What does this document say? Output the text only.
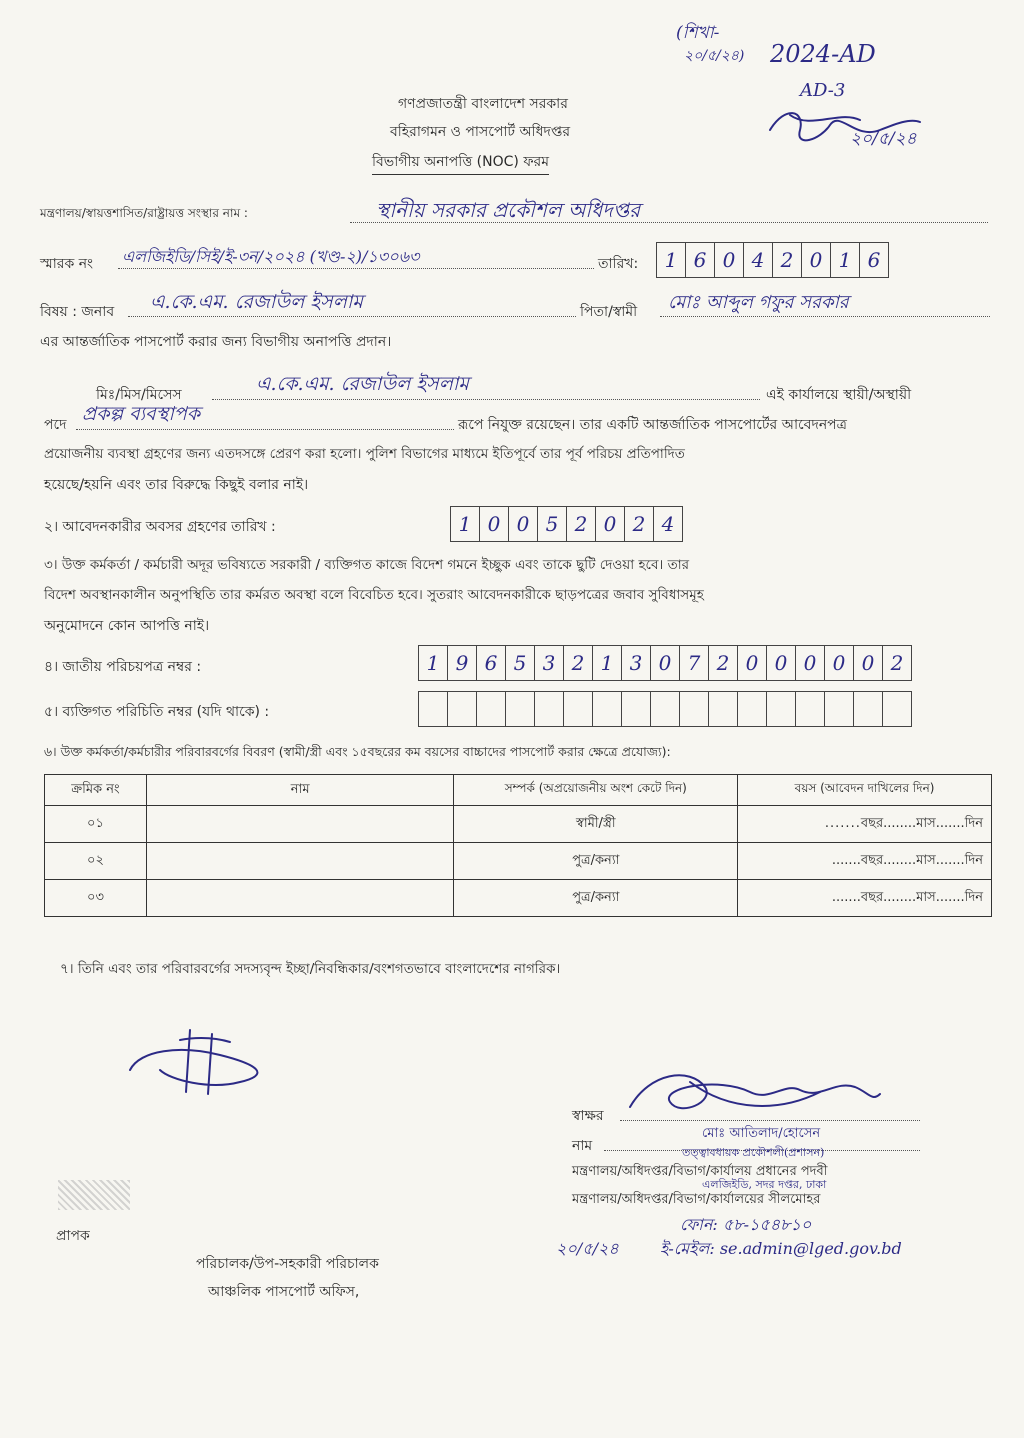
(শিখা-
২০/৫/২৪) 2024-AD
AD-3
২০/৫/২৪
গণপ্রজাতন্ত্রী বাংলাদেশ সরকার
বহিরাগমন ও পাসপোর্ট অধিদপ্তর
বিভাগীয় অনাপত্তি (NOC) ফরম
মন্ত্রণালয়/স্বায়ত্তশাসিত/রাষ্ট্রায়ত্ত সংস্থার নাম :	স্থানীয় সরকার প্রকৌশল অধিদপ্তর
স্মারক নং এলজিইডি/সিই/ই-৩ন/২০২৪ (খণ্ড-২)/১৩০৬৩	তারিখ:	1 6 0 4 2 0 1 6
বিষয় : জনাব এ.কে.এম. রেজাউল ইসলাম	পিতা/স্বামী মোঃ আব্দুল গফুর সরকার
এর আন্তর্জাতিক পাসপোর্ট করার জন্য বিভাগীয় অনাপত্তি প্রদান।
মিঃ/মিস/মিসেস	এ.কে.এম. রেজাউল ইসলাম	এই কার্যালয়ে স্থায়ী/অস্থায়ী
পদে প্রকল্প ব্যবস্থাপক	রূপে নিযুক্ত রয়েছেন। তার একটি আন্তর্জাতিক পাসপোর্টের আবেদনপত্র
প্রয়োজনীয় ব্যবস্থা গ্রহণের জন্য এতদসঙ্গে প্রেরণ করা হলো। পুলিশ বিভাগের মাধ্যমে ইতিপূর্বে তার পূর্ব পরিচয় প্রতিপাদিত
হয়েছে/হয়নি এবং তার বিরুদ্ধে কিছুই বলার নাই।
২। আবেদনকারীর অবসর গ্রহণের তারিখ :	1 0 0 5 2 0 2 4
৩। উক্ত কর্মকর্তা / কর্মচারী অদূর ভবিষ্যতে সরকারী / ব্যক্তিগত কাজে বিদেশ গমনে ইচ্ছুক এবং তাকে ছুটি দেওয়া হবে। তার
বিদেশ অবস্থানকালীন অনুপস্থিতি তার কর্মরত অবস্থা বলে বিবেচিত হবে। সুতরাং আবেদনকারীকে ছাড়পত্রের জবাব সুবিধাসমূহ
অনুমোদনে কোন আপত্তি নাই।
৪। জাতীয় পরিচয়পত্র নম্বর :	1 9 6 5 3 2 1 3 0 7 2 0 0 0 0 0 2
৫। ব্যক্তিগত পরিচিতি নম্বর (যদি থাকে) :
৬। উক্ত কর্মকর্তা/কর্মচারীর পরিবারবর্গের বিবরণ (স্বামী/স্ত্রী এবং ১৫বছরের কম বয়সের বাচ্চাদের পাসপোর্ট করার ক্ষেত্রে প্রযোজ্য):
ক্রমিক নং	নাম	সম্পর্ক (অপ্রয়োজনীয় অংশ কেটে দিন)	বয়স (আবেদন দাখিলের দিন)
০১		স্বামী/স্ত্রী	.......বছর........মাস.......দিন
০২		পুত্র/কন্যা	.......বছর........মাস.......দিন
০৩		পুত্র/কন্যা	.......বছর........মাস.......দিন
৭। তিনি এবং তার পরিবারবর্গের সদস্যবৃন্দ ইচ্ছা/নিবন্ধিকার/বংশগতভাবে বাংলাদেশের নাগরিক।
স্বাক্ষর
নাম
মোঃ আতিলাদ/হোসেন
তত্ত্বাবধায়ক প্রকৌশলী(প্রশাসন)
মন্ত্রণালয়/অধিদপ্তর/বিভাগ/কার্যালয় প্রধানের পদবী
এলজিইডি, সদর দপ্তর, ঢাকা
মন্ত্রণালয়/অধিদপ্তর/বিভাগ/কার্যালয়ের সীলমোহর
ফোন: ৫৮-১৫৪৮১০
২০/৫/২৪	ই-মেইল: se.admin@lged.gov.bd
প্রাপক
পরিচালক/উপ-সহকারী পরিচালক
আঞ্চলিক পাসপোর্ট অফিস,
